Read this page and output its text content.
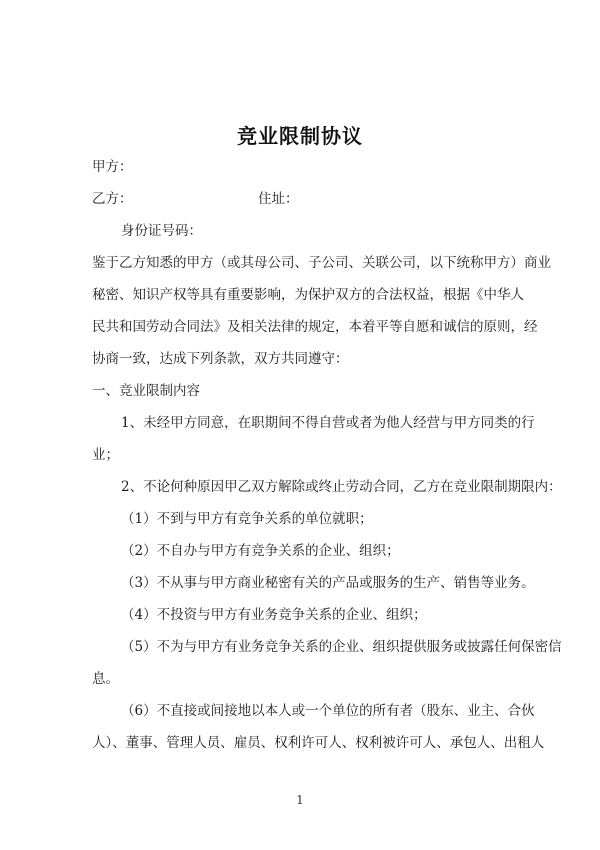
竞业限制协议
甲方：
乙方：	住址：
身份证号码：
鉴于乙方知悉的甲方（或其母公司、子公司、关联公司，以下统称甲方）商业
秘密、知识产权等具有重要影响，为保护双方的合法权益，根据《中华人
民共和国劳动合同法》及相关法律的规定，本着平等自愿和诚信的原则，经
协商一致，达成下列条款，双方共同遵守：
一、竞业限制内容
1、未经甲方同意，在职期间不得自营或者为他人经营与甲方同类的行
业；
2、不论何种原因甲乙双方解除或终止劳动合同，乙方在竞业限制期限内：
（1）不到与甲方有竞争关系的单位就职；
（2）不自办与甲方有竞争关系的企业、组织；
（3）不从事与甲方商业秘密有关的产品或服务的生产、销售等业务。
（4）不投资与甲方有业务竞争关系的企业、组织；
（5）不为与甲方有业务竞争关系的企业、组织提供服务或披露任何保密信
息。
（6）不直接或间接地以本人或一个单位的所有者（股东、业主、合伙
人）、董事、管理人员、雇员、权利许可人、权利被许可人、承包人、出租人
1
